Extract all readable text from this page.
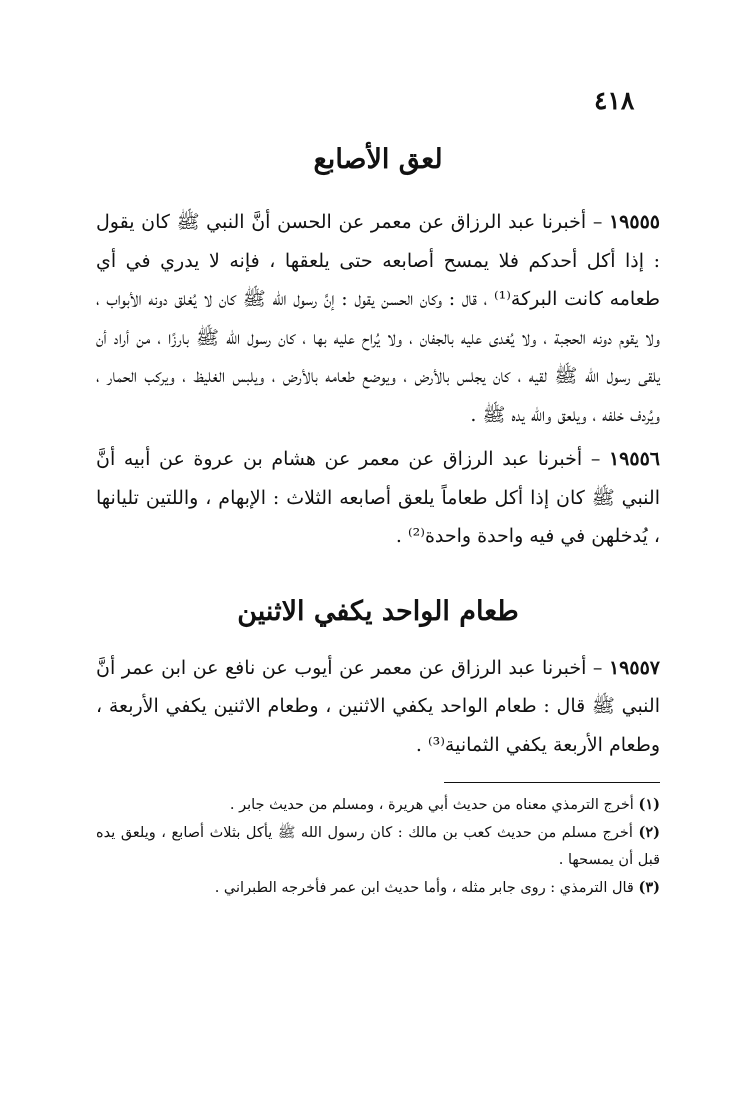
٤١٨
لعق الأصابع

١٩٥٥٥ – أخبرنا عبد الرزاق عن معمر عن الحسن أنَّ النبي ﷺ كان يقول : إذا أكل أحدكم فلا يمسح أصابعه حتى يلعقها ، فإنه لا يدري في أي طعامه كانت البركة⁽¹⁾ ، قال : وكان الحسن يقول : إنَّ رسول الله ﷺ كان لا يُغلق دونه الأبواب ، ولا يقوم دونه الحجبة ، ولا يُغدى عليه بالجفان ، ولا يُراح عليه بها ، كان رسول الله ﷺ بارزًا ، من أراد أن يلقى رسول الله ﷺ لقيه ، كان يجلس بالأرض ، ويوضع طعامه بالأرض ، ويلبس الغليظ ، ويركب الحمار ، ويُردف خلفه ، ويلعق والله يده ﷺ .

١٩٥٥٦ – أخبرنا عبد الرزاق عن معمر عن هشام بن عروة عن أبيه أنَّ النبي ﷺ كان إذا أكل طعاماً يلعق أصابعه الثلاث : الإبهام ، واللتين تليانها ، يُدخلهن في فيه واحدة واحدة⁽²⁾ .

طعام الواحد يكفي الاثنين

١٩٥٥٧ – أخبرنا عبد الرزاق عن معمر عن أيوب عن نافع عن ابن عمر أنَّ النبي ﷺ قال : طعام الواحد يكفي الاثنين ، وطعام الاثنين يكفي الأربعة ، وطعام الأربعة يكفي الثمانية⁽³⁾ .

(١) أخرج الترمذي معناه من حديث أبي هريرة ، ومسلم من حديث جابر .

(٢) أخرج مسلم من حديث كعب بن مالك : كان رسول الله ﷺ يأكل بثلاث أصابع ، ويلعق يده قبل أن يمسحها .

(٣) قال الترمذي : روى جابر مثله ، وأما حديث ابن عمر فأخرجه الطبراني .
